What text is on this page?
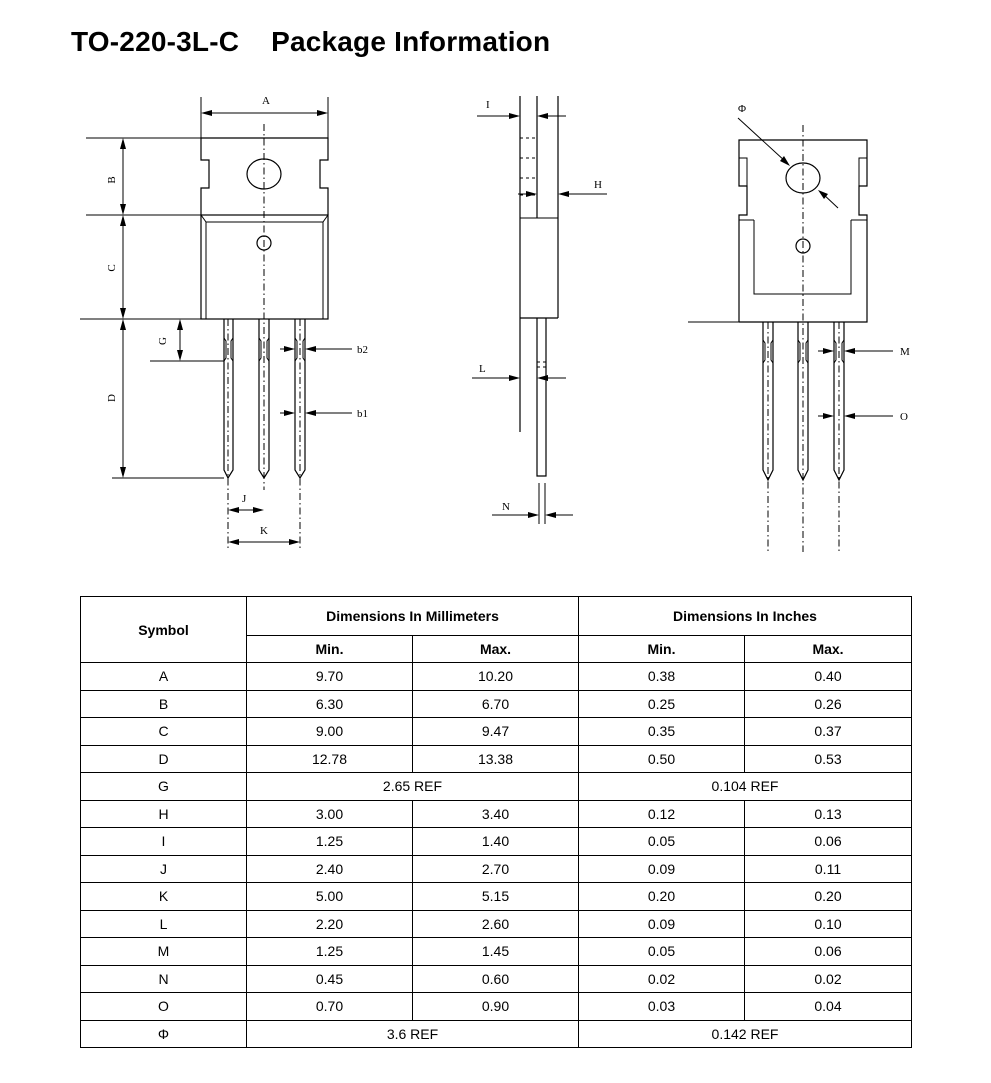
TO-220-3L-C    Package Information
A
B
C
D
G
b2
b1
J
K
I
H
L
N
Φ
M
O
Symbol	Dimensions In Millimeters		Dimensions In Inches	
	Min.	Max.	Min.	Max.
A	9.70	10.20	0.38	0.40
B	6.30	6.70	0.25	0.26
C	9.00	9.47	0.35	0.37
D	12.78	13.38	0.50	0.53
G	2.65 REF		0.104 REF	
H	3.00	3.40	0.12	0.13
I	1.25	1.40	0.05	0.06
J	2.40	2.70	0.09	0.11
K	5.00	5.15	0.20	0.20
L	2.20	2.60	0.09	0.10
M	1.25	1.45	0.05	0.06
N	0.45	0.60	0.02	0.02
O	0.70	0.90	0.03	0.04
Φ	3.6 REF		0.142 REF	
